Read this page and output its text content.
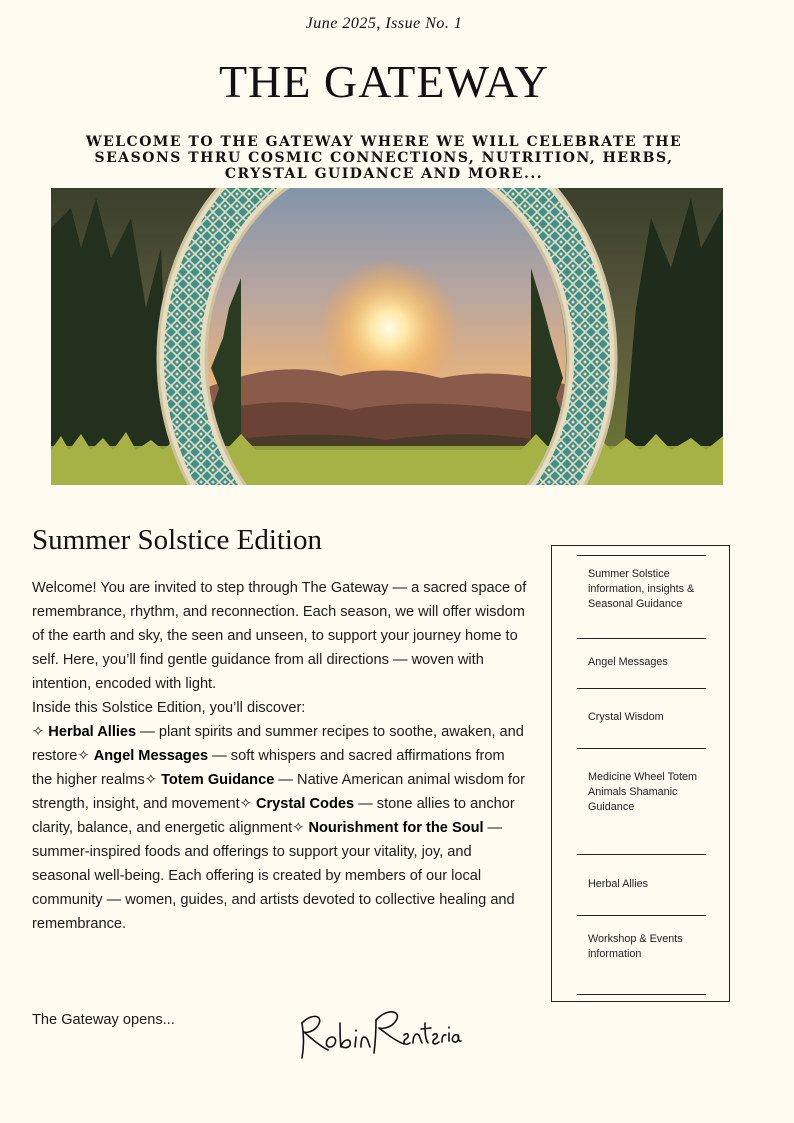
June 2025, Issue No. 1
THE GATEWAY
WELCOME TO THE GATEWAY WHERE WE WILL CELEBRATE THE SEASONS THRU COSMIC CONNECTIONS, NUTRITION, HERBS, CRYSTAL GUIDANCE AND MORE...
Summer Solstice Edition

Welcome! You are invited to step through The Gateway — a sacred space of remembrance, rhythm, and reconnection. Each season, we will offer wisdom of the earth and sky, the seen and unseen, to support your journey home to self. Here, you’ll find gentle guidance from all directions — woven with intention, encoded with light.

Inside this Solstice Edition, you’ll discover:
✧ Herbal Allies — plant spirits and summer recipes to soothe, awaken, and restore✧ Angel Messages — soft whispers and sacred affirmations from the higher realms✧ Totem Guidance — Native American animal wisdom for strength, insight, and movement✧ Crystal Codes — stone allies to anchor clarity, balance, and energetic alignment✧ Nourishment for the Soul — summer-inspired foods and offerings to support your vitality, joy, and seasonal well-being. Each offering is created by members of our local community — women, guides, and artists devoted to collective healing and remembrance.

The Gateway opens...
Summer Solstice information, insights & Seasonal Guidance
Angel Messages
Crystal Wisdom
Medicine Wheel Totem Animals Shamanic Guidance
Herbal Allies
Workshop & Events information
